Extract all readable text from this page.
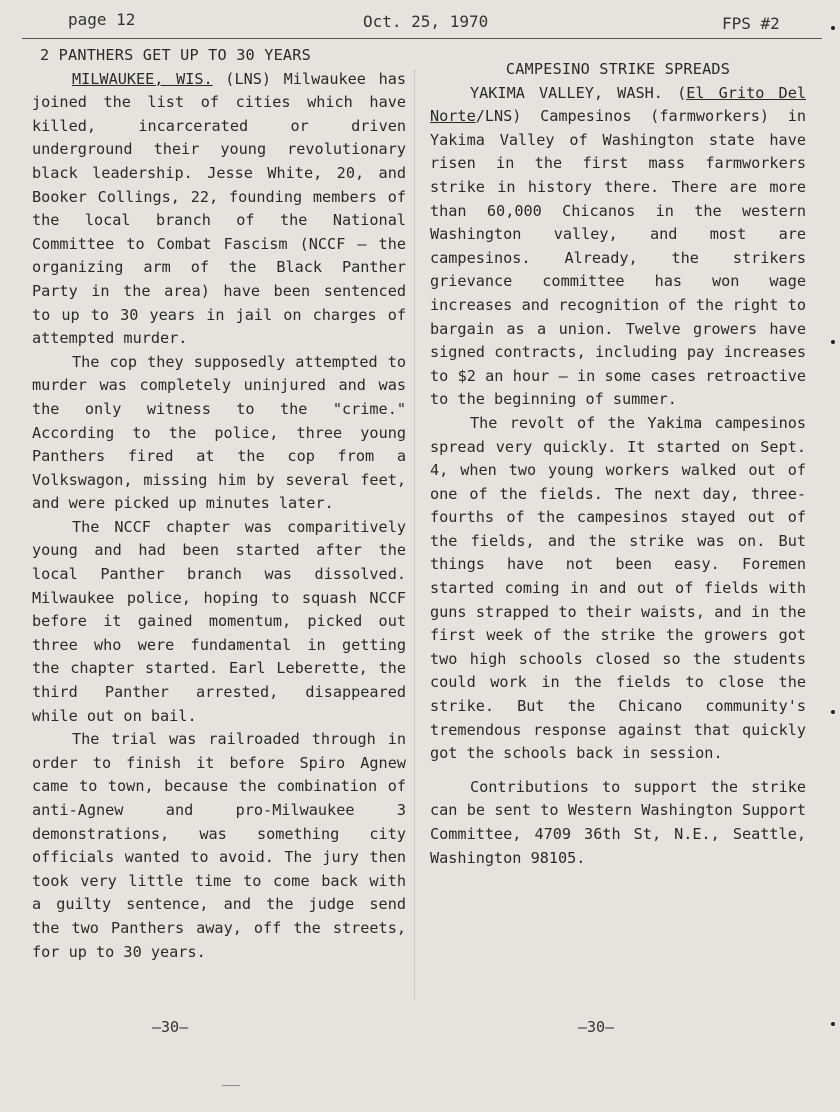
page 12	Oct. 25, 1970	FPS #2
2 PANTHERS GET UP TO 30 YEARS

MILWAUKEE, WIS. (LNS) Milwaukee has joined the list of cities which have killed, incarcerated or driven underground their young revolutionary black leadership. Jesse White, 20, and Booker Collings, 22, founding members of the local branch of the National Committee to Combat Fascism (NCCF — the organizing arm of the Black Panther Party in the area) have been sentenced to up to 30 years in jail on charges of attempted murder.

The cop they supposedly attempted to murder was completely uninjured and was the only witness to the "crime." According to the police, three young Panthers fired at the cop from a Volkswagon, missing him by several feet, and were picked up minutes later.

The NCCF chapter was comparitively young and had been started after the local Panther branch was dissolved. Milwaukee police, hoping to squash NCCF before it gained momentum, picked out three who were fundamental in getting the chapter started. Earl Leberette, the third Panther arrested, disappeared while out on bail.

The trial was railroaded through in order to finish it before Spiro Agnew came to town, because the combination of anti-Agnew and pro-Milwaukee 3 demonstrations, was something city officials wanted to avoid. The jury then took very little time to come back with a guilty sentence, and the judge send the two Panthers away, off the streets, for up to 30 years.

CAMPESINO STRIKE SPREADS

YAKIMA VALLEY, WASH. (El Grito Del Norte/LNS) Campesinos (farmworkers) in Yakima Valley of Washington state have risen in the first mass farmworkers strike in history there. There are more than 60,000 Chicanos in the western Washington valley, and most are campesinos. Already, the strikers grievance committee has won wage increases and recognition of the right to bargain as a union. Twelve growers have signed contracts, including pay increases to $2 an hour — in some cases retroactive to the beginning of summer.

The revolt of the Yakima campesinos spread very quickly. It started on Sept. 4, when two young workers walked out of one of the fields. The next day, three-fourths of the campesinos stayed out of the fields, and the strike was on. But things have not been easy. Foremen started coming in and out of fields with guns strapped to their waists, and in the first week of the strike the growers got two high schools closed so the students could work in the fields to close the strike. But the Chicano community's tremendous response against that quickly got the schools back in session.

Contributions to support the strike can be sent to Western Washington Support Committee, 4709 36th St, N.E., Seattle, Washington 98105.

—30—	—30—
